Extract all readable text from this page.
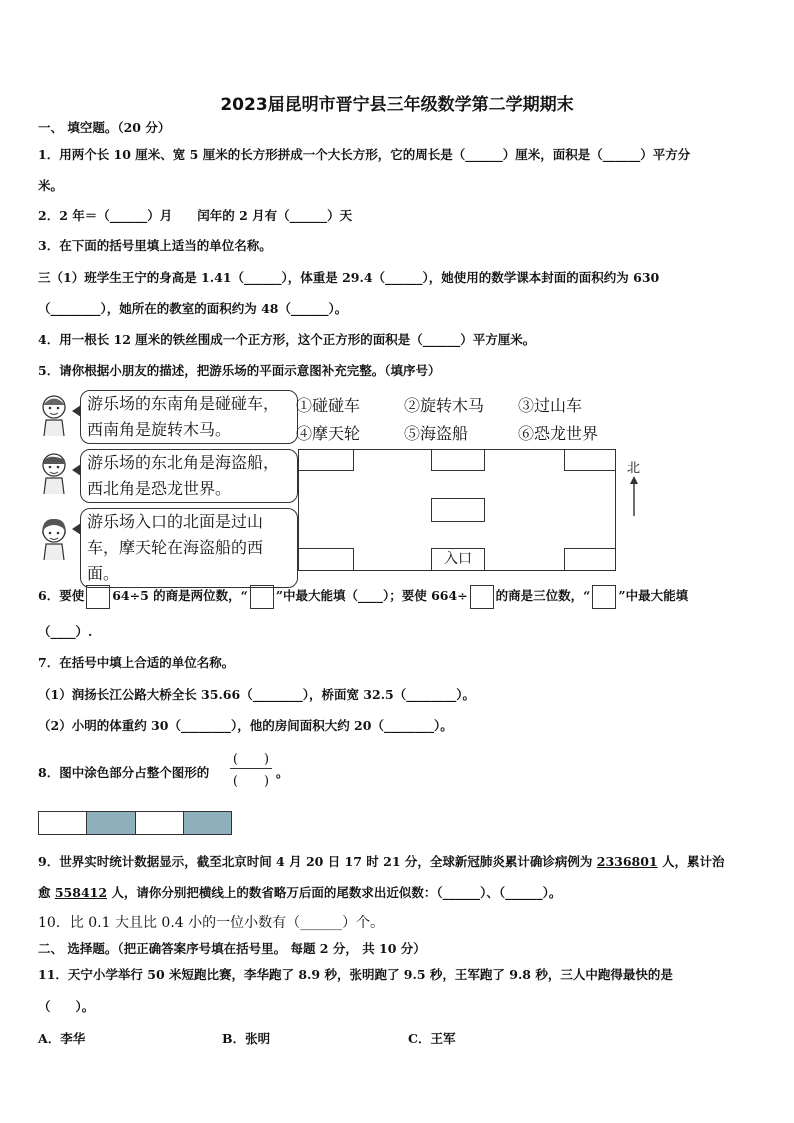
2023届昆明市晋宁县三年级数学第二学期期末
一、 填空题。（20 分）
1．用两个长 10 厘米、宽 5 厘米的长方形拼成一个大长方形，它的周长是（______）厘米，面积是（______）平方分
米。
2．2 年＝（______）月　　闰年的 2 月有（______）天
3．在下面的括号里填上适当的单位名称。
三（1）班学生王宁的身高是 1.41（______），体重是 29.4（______），她使用的数学课本封面的面积约为 630
（________），她所在的教室的面积约为 48（______）。
4．用一根长 12 厘米的铁丝围成一个正方形，这个正方形的面积是（______）平方厘米。
5．请你根据小朋友的描述，把游乐场的平面示意图补充完整。（填序号）
游乐场的东南角是碰碰车，西南角是旋转木马。
游乐场的东北角是海盗船，西北角是恐龙世界。
游乐场入口的北面是过山车，摩天轮在海盗船的西面。
①碰碰车	②旋转木马 ③过山车
④摩天轮	⑤海盗船	⑥恐龙世界
入口
北
6．要使 64÷5 的商是两位数，“ ”中最大能填（____）；要使 664÷ 的商是三位数，“ ”中最大能填
（____）.
7．在括号中填上合适的单位名称。
（1）润扬长江公路大桥全长 35.66（________），桥面宽 32.5（________）。
（2）小明的体重约 30（________），他的房间面积大约 20（________）。
8．图中涂色部分占整个图形的
(　　)
(　　)
。
9．世界实时统计数据显示，截至北京时间 4 月 20 日 17 时 21 分，全球新冠肺炎累计确诊病例为 2336801 人，累计治
愈 558412 人，请你分别把横线上的数省略万后面的尾数求出近似数：（______）、（______）。
10．比 0.1 大且比 0.4 小的一位小数有（______）个。
二、 选择题。（把正确答案序号填在括号里。 每题 2 分， 共 10 分）
11．天宁小学举行 50 米短跑比赛，李华跑了 8.9 秒，张明跑了 9.5 秒，王军跑了 9.8 秒，三人中跑得最快的是
（　　）。
A．李华	B．张明	C．王军
